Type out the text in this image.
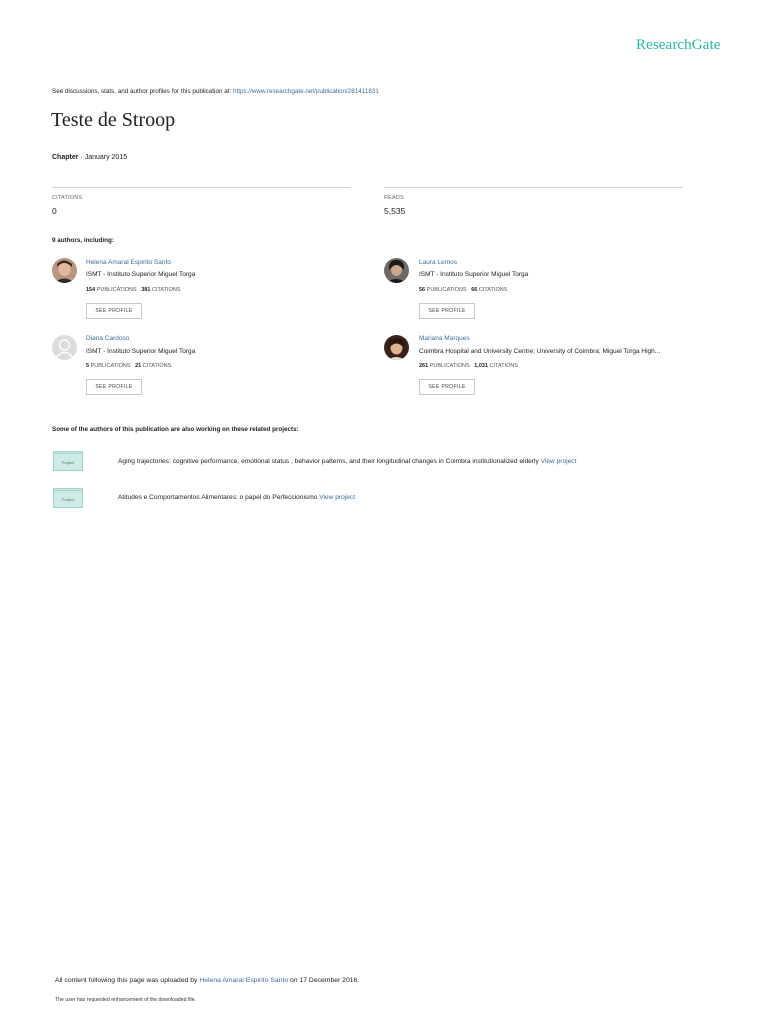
ResearchGate
See discussions, stats, and author profiles for this publication at: https://www.researchgate.net/publication/281411831
Teste de Stroop
Chapter · January 2015
CITATIONS
0
READS
5,535
9 authors, including:
Helena Amaral Espirito Santo
ISMT - Instituto Superior Miguel Torga
154 PUBLICATIONS 381 CITATIONS
SEE PROFILE
Laura Lemos
ISMT - Instituto Superior Miguel Torga
56 PUBLICATIONS 66 CITATIONS
SEE PROFILE
Diana Cardoso
ISMT - Instituto Superior Miguel Torga
5 PUBLICATIONS 21 CITATIONS
SEE PROFILE
Mariana Marques
Coimbra Hospital and University Centre; University of Coimbra; Miguel Torga High...
261 PUBLICATIONS 1,031 CITATIONS
SEE PROFILE
Some of the authors of this publication are also working on these related projects:
Project	Aging trajectories: cognitive performance, emotional status , behavior patterns, and their longitudinal changes in Coimbra institutionalized elderly View project
Project	Atitudes e Comportamentos Alimentares: o papel do Perfeccionismo View project
All content following this page was uploaded by Helena Amaral Espirito Santo on 17 December 2016.
The user has requested enhancement of the downloaded file.
